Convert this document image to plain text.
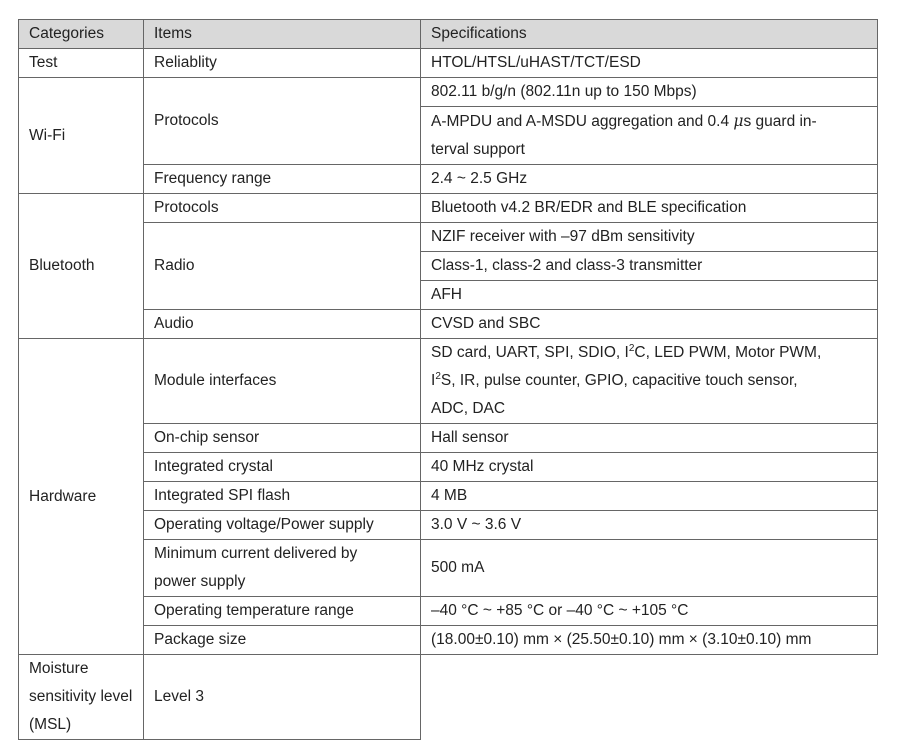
Categories	Items	Specifications
Test	Reliablity	HTOL/HTSL/uHAST/TCT/ESD
Wi-Fi	Protocols	802.11 b/g/n (802.11n up to 150 Mbps)
		A-MPDU and A-MSDU aggregation and 0.4 μs guard in-
terval support

	Frequency range	2.4 ~ 2.5 GHz
Bluetooth	Protocols	Bluetooth v4.2 BR/EDR and BLE specification
	Radio	NZIF receiver with –97 dBm sensitivity
		Class-1, class-2 and class-3 transmitter
		AFH
	Audio	CVSD and SBC
Hardware	Module interfaces	SD card, UART, SPI, SDIO, $I^2C$, LED PWM, Motor PWM,
$I^2S$, IR, pulse counter, GPIO, capacitive touch sensor,
ADC, DAC

	On-chip sensor	Hall sensor
	Integrated crystal	40 MHz crystal
	Integrated SPI flash	4 MB
	Operating voltage/Power supply	3.0 V ~ 3.6 V
	Minimum current delivered by
power supply	500 mA

	Operating temperature range	–40 °C ~ +85 °C or –40 °C ~ +105 °C
	Package size	(18.00±0.10) mm × (25.50±0.10) mm × (3.10±0.10) mm
Moisture sensitivity level (MSL)	Level 3	
